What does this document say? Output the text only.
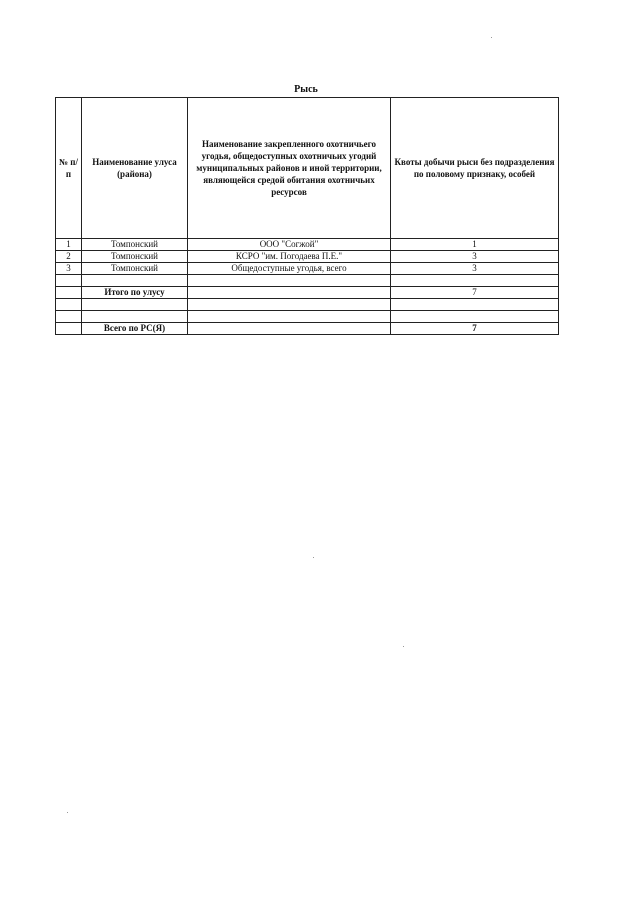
Рысь
№ п/п	Наименование улуса (района)	Наименование закрепленного охотничьего угодья, общедоступных охотничьих угодий муниципальных районов и иной территории, являющейся средой обитания охотничьих ресурсов	Квоты добычи рыси без подразделения по половому признаку, особей
1	Томпонский	ООО "Согжой"	1
2	Томпонский	КСРО "им. Погодаева П.Е."	3
3	Томпонский	Общедоступные угодья, всего	3

	Итого по улусу		7

	Всего по РС(Я)		7
